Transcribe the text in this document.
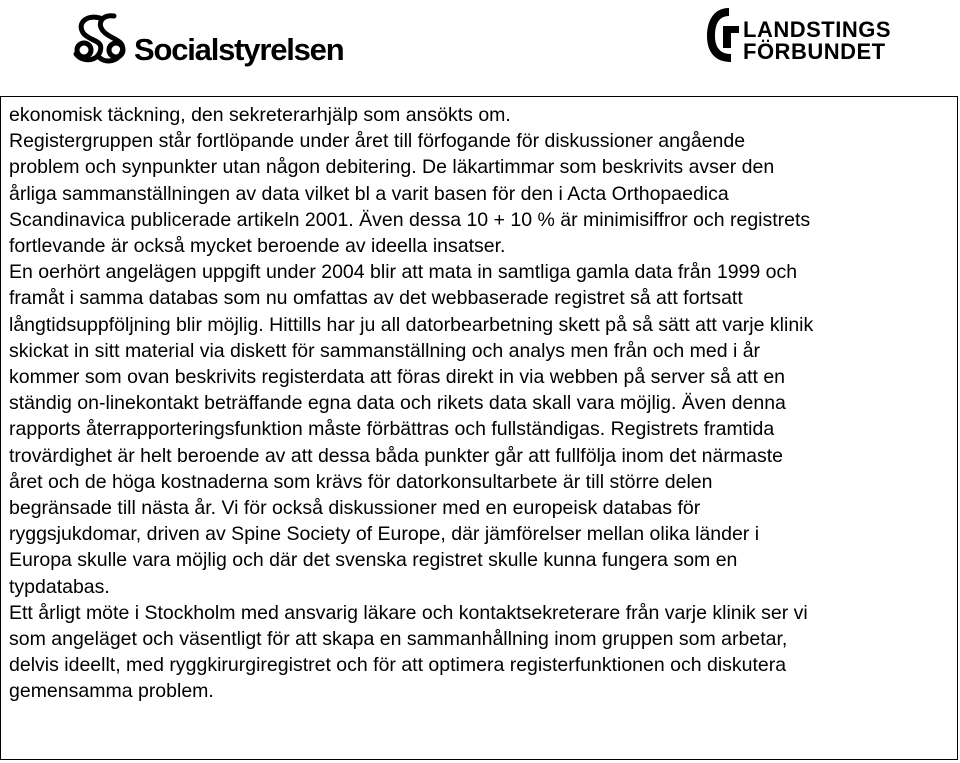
Socialstyrelsen
LANDSTINGS
FÖRBUNDET
ekonomisk täckning, den sekreterarhjälp som ansökts om.
Registergruppen står fortlöpande under året till förfogande för diskussioner angående
problem och synpunkter utan någon debitering. De läkartimmar som beskrivits avser den
årliga sammanställningen av data vilket bl a varit basen för den i Acta Orthopaedica
Scandinavica publicerade artikeln 2001. Även dessa 10 + 10 % är minimisiffror och registrets
fortlevande är också mycket beroende av ideella insatser.
En oerhört angelägen uppgift under 2004 blir att mata in samtliga gamla data från 1999 och
framåt i samma databas som nu omfattas av det webbaserade registret så att fortsatt
långtidsuppföljning blir möjlig. Hittills har ju all datorbearbetning skett på så sätt att varje klinik
skickat in sitt material via diskett för sammanställning och analys men från och med i år
kommer som ovan beskrivits registerdata att föras direkt in via webben på server så att en
ständig on-linekontakt beträffande egna data och rikets data skall vara möjlig. Även denna
rapports återrapporteringsfunktion måste förbättras och fullständigas. Registrets framtida
trovärdighet är helt beroende av att dessa båda punkter går att fullfölja inom det närmaste
året och de höga kostnaderna som krävs för datorkonsultarbete är till större delen
begränsade till nästa år. Vi för också diskussioner med en europeisk databas för
ryggsjukdomar, driven av Spine Society of Europe, där jämförelser mellan olika länder i
Europa skulle vara möjlig och där det svenska registret skulle kunna fungera som en
typdatabas.
Ett årligt möte i Stockholm med ansvarig läkare och kontaktsekreterare från varje klinik ser vi
som angeläget och väsentligt för att skapa en sammanhållning inom gruppen som arbetar,
delvis ideellt, med ryggkirurgiregistret och för att optimera registerfunktionen och diskutera
gemensamma problem.
